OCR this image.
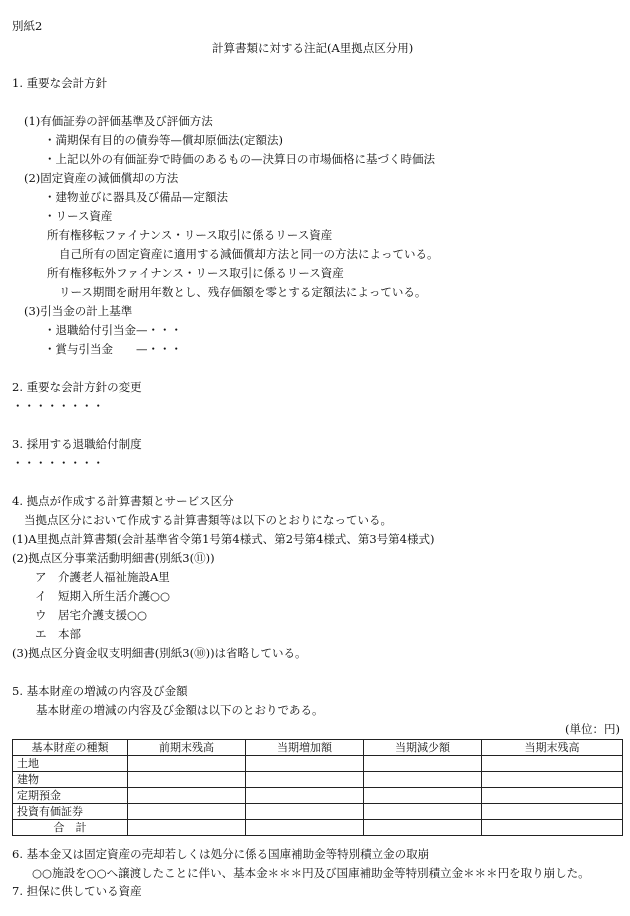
別紙2
計算書類に対する注記(A里拠点区分用)
1. 重要な会計方針
(1)有価証券の評価基準及び評価方法
・満期保有目的の債券等—償却原価法(定額法)
・上記以外の有価証券で時価のあるもの—決算日の市場価格に基づく時価法
(2)固定資産の減価償却の方法
・建物並びに器具及び備品—定額法
・リース資産
所有権移転ファイナンス・リース取引に係るリース資産
自己所有の固定資産に適用する減価償却方法と同一の方法によっている。
所有権移転外ファイナンス・リース取引に係るリース資産
リース期間を耐用年数とし、残存価額を零とする定額法によっている。
(3)引当金の計上基準
・退職給付引当金—・・・
・賞与引当金　　—・・・
2. 重要な会計方針の変更
・・・・・・・・
3. 採用する退職給付制度
・・・・・・・・
4. 拠点が作成する計算書類とサービス区分
当拠点区分において作成する計算書類等は以下のとおりになっている。
(1)A里拠点計算書類(会計基準省令第1号第4様式、第2号第4様式、第3号第4様式)
(2)拠点区分事業活動明細書(別紙3(⑪))
ア　介護老人福祉施設A里
イ　短期入所生活介護○○
ウ　居宅介護支援○○
エ　本部
(3)拠点区分資金収支明細書(別紙3(⑩))は省略している。
5. 基本財産の増減の内容及び金額
基本財産の増減の内容及び金額は以下のとおりである。
(単位：円)
基本財産の種類	前期末残高	当期増加額	当期減少額	当期末残高
土地				
建物				
定期預金				
投資有価証券				
合　計				
6. 基本金又は固定資産の売却若しくは処分に係る国庫補助金等特別積立金の取崩
○○施設を○○へ譲渡したことに伴い、基本金＊＊＊円及び国庫補助金等特別積立金＊＊＊円を取り崩した。
7. 担保に供している資産
